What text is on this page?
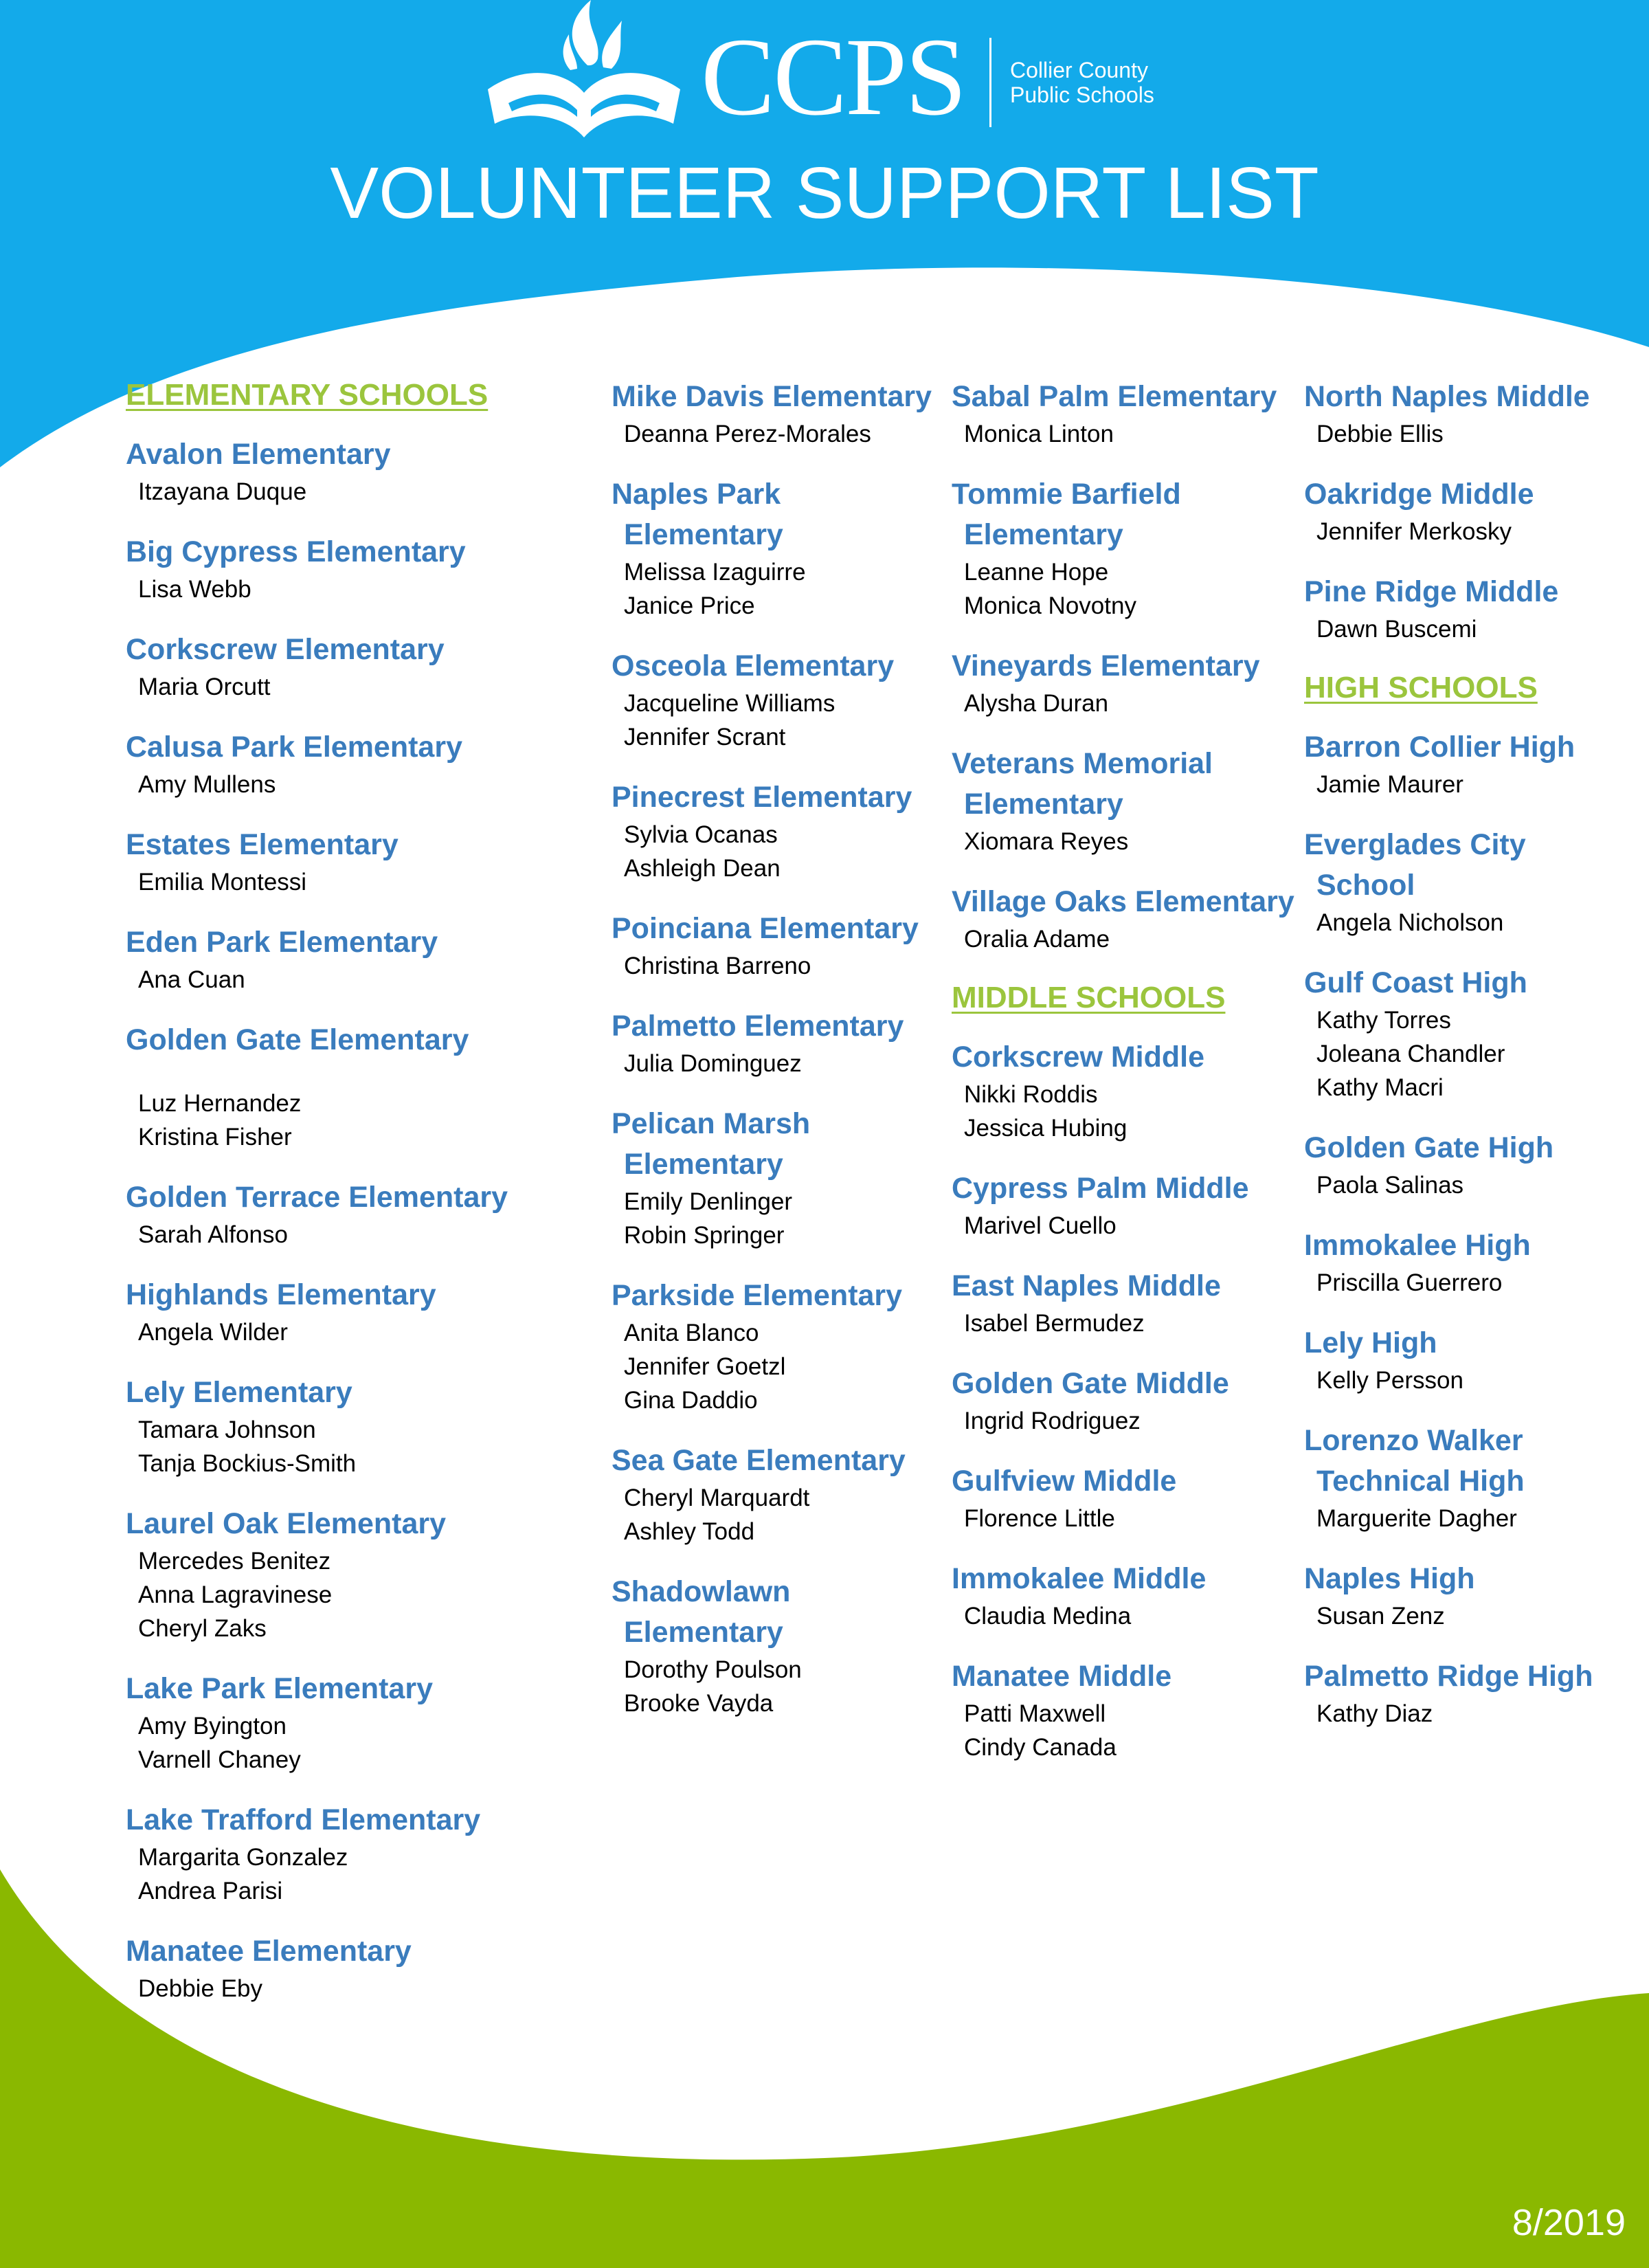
CCPS Collier County
Public Schools
VOLUNTEER SUPPORT LIST
ELEMENTARY SCHOOLS
Avalon Elementary
Itzayana Duque
Big Cypress Elementary
Lisa Webb
Corkscrew Elementary
Maria Orcutt
Calusa Park Elementary
Amy Mullens
Estates Elementary
Emilia Montessi
Eden Park Elementary
Ana Cuan
Golden Gate Elementary
Luz Hernandez
Kristina Fisher
Golden Terrace Elementary
Sarah Alfonso
Highlands Elementary
Angela Wilder
Lely Elementary
Tamara Johnson
Tanja Bockius-Smith
Laurel Oak Elementary
Mercedes Benitez
Anna Lagravinese
Cheryl Zaks
Lake Park Elementary
Amy Byington
Varnell Chaney
Lake Trafford Elementary
Margarita Gonzalez
Andrea Parisi
Manatee Elementary
Debbie Eby
Mike Davis Elementary
Deanna Perez-Morales
Naples Park Elementary
Melissa Izaguirre
Janice Price
Osceola Elementary
Jacqueline Williams
Jennifer Scrant
Pinecrest Elementary
Sylvia Ocanas
Ashleigh Dean
Poinciana Elementary
Christina Barreno
Palmetto Elementary
Julia Dominguez
Pelican Marsh Elementary
Emily Denlinger
Robin Springer
Parkside Elementary
Anita Blanco
Jennifer Goetzl
Gina Daddio
Sea Gate Elementary
Cheryl Marquardt
Ashley Todd
Shadowlawn Elementary
Dorothy Poulson
Brooke Vayda
Sabal Palm Elementary
Monica Linton
Tommie Barfield Elementary
Leanne Hope
Monica Novotny
Vineyards Elementary
Alysha Duran
Veterans Memorial Elementary
Xiomara Reyes
Village Oaks Elementary
Oralia Adame
MIDDLE SCHOOLS
Corkscrew Middle
Nikki Roddis
Jessica Hubing
Cypress Palm Middle
Marivel Cuello
East Naples Middle
Isabel Bermudez
Golden Gate Middle
Ingrid Rodriguez
Gulfview Middle
Florence Little
Immokalee Middle
Claudia Medina
Manatee Middle
Patti Maxwell
Cindy Canada
North Naples Middle
Debbie Ellis
Oakridge Middle
Jennifer Merkosky
Pine Ridge Middle
Dawn Buscemi
HIGH SCHOOLS
Barron Collier High
Jamie Maurer
Everglades City School
Angela Nicholson
Gulf Coast High
Kathy Torres
Joleana Chandler
Kathy Macri
Golden Gate High
Paola Salinas
Immokalee High
Priscilla Guerrero
Lely High
Kelly Persson
Lorenzo Walker Technical High
Marguerite Dagher
Naples High
Susan Zenz
Palmetto Ridge High
Kathy Diaz
8/2019
